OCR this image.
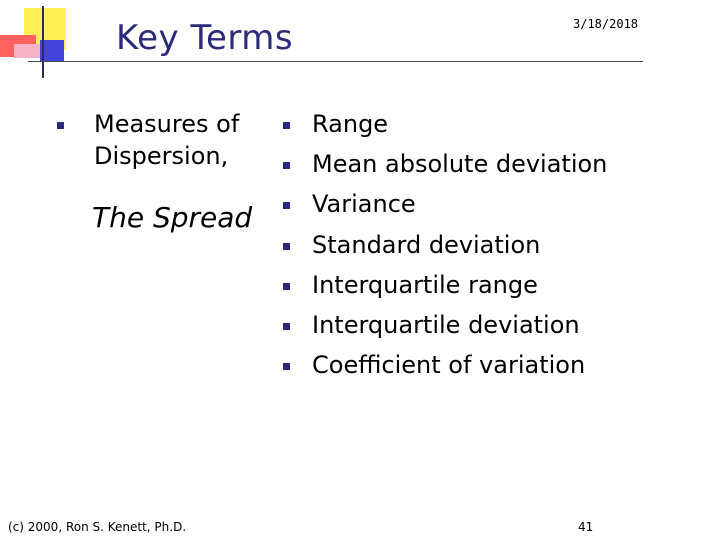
Key Terms	3/18/2018
Measures of Dispersion,
The Spread
Range
Mean absolute deviation
Variance
Standard deviation
Interquartile range
Interquartile deviation
Coefficient of variation
(c) 2000, Ron S. Kenett, Ph.D.	41
